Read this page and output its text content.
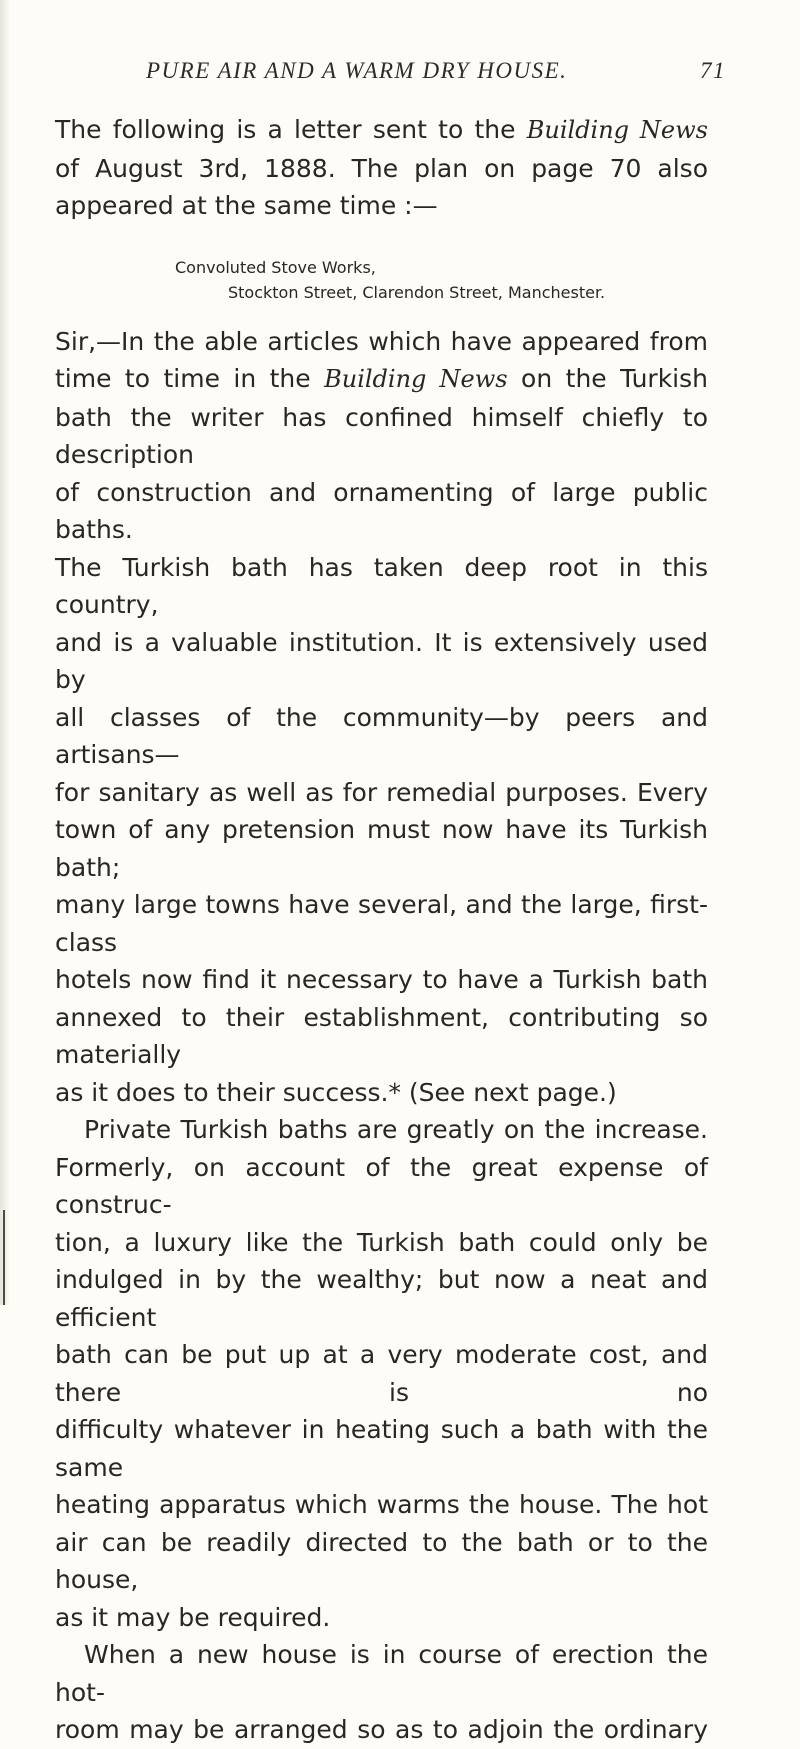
PURE AIR AND A WARM DRY HOUSE.	71

The following is a letter sent to the Building News
of August 3rd, 1888. The plan on page 70 also
appeared at the same time :—

Convoluted Stove Works,
Stockton Street, Clarendon Street, Manchester.

Sir,—In the able articles which have appeared from
time to time in the Building News on the Turkish
bath the writer has confined himself chiefly to description
of construction and ornamenting of large public baths.
The Turkish bath has taken deep root in this country,
and is a valuable institution. It is extensively used by
all classes of the community—by peers and artisans—
for sanitary as well as for remedial purposes. Every
town of any pretension must now have its Turkish bath;
many large towns have several, and the large, first-class
hotels now find it necessary to have a Turkish bath
annexed to their establishment, contributing so materially
as it does to their success.* (See next page.)

Private Turkish baths are greatly on the increase.
Formerly, on account of the great expense of construc-
tion, a luxury like the Turkish bath could only be
indulged in by the wealthy; but now a neat and efficient
bath can be put up at a very moderate cost, and there is no
difficulty whatever in heating such a bath with the same
heating apparatus which warms the house. The hot
air can be readily directed to the bath or to the house,
as it may be required.

When a new house is in course of erection the hot-
room may be arranged so as to adjoin the ordinary
